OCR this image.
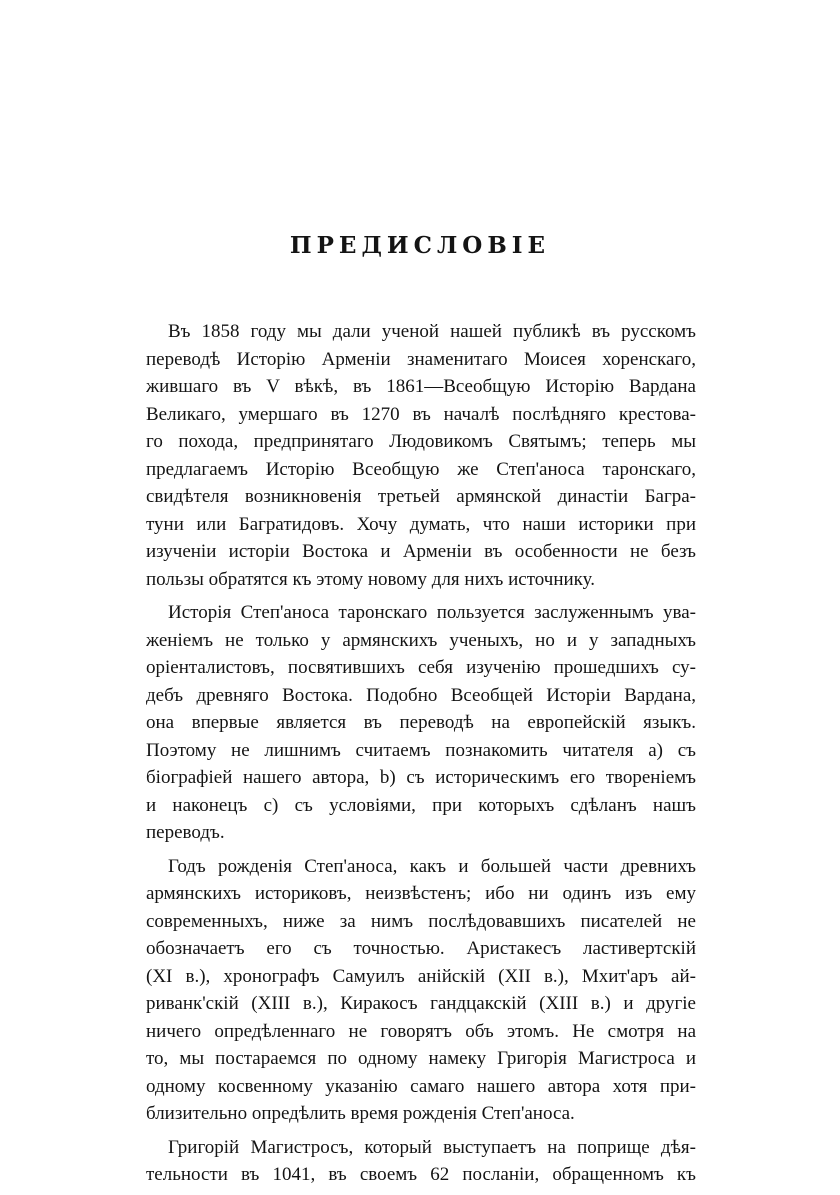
ПРЕДИСЛОВІЕ

Въ 1858 году мы дали ученой нашей публикѣ въ русскомъ
переводѣ Исторію Арменіи знаменитаго Моисея хоренскаго,
жившаго въ V вѣкѣ, въ 1861—Всеобщую Исторію Вардана
Великаго, умершаго въ 1270 въ началѣ послѣдняго крестова-
го похода, предпринятаго Людовикомъ Святымъ; теперь мы
предлагаемъ Исторію Всеобщую же Степ'аноса таронскаго,
свидѣтеля возникновенія третьей армянской династіи Багра-
туни или Багратидовъ. Хочу думать, что наши историки при
изученіи исторіи Востока и Арменіи въ особенности не безъ
пользы обратятся къ этому новому для нихъ источнику.

Исторія Степ'аноса таронскаго пользуется заслуженнымъ ува-
женіемъ не только у армянскихъ ученыхъ, но и у западныхъ
оріенталистовъ, посвятившихъ себя изученію прошедшихъ су-
дебъ древняго Востока. Подобно Всеобщей Исторіи Вардана,
она впервые является въ переводѣ на европейскій языкъ.
Поэтому не лишнимъ считаемъ познакомить читателя a) съ
біографіей нашего автора, b) съ историческимъ его твореніемъ
и наконецъ c) съ условіями, при которыхъ сдѣланъ нашъ
переводъ.

Годъ рожденія Степ'аноса, какъ и большей части древнихъ
армянскихъ историковъ, неизвѣстенъ; ибо ни одинъ изъ ему
современныхъ, ниже за нимъ послѣдовавшихъ писателей не
обозначаетъ его съ точностью. Аристакесъ ластивертскій
(XI в.), хронографъ Самуилъ анійскій (XII в.), Мхит'аръ ай-
риванк'скій (XIII в.), Киракосъ гандцакскій (XIII в.) и другіе
ничего опредѣленнаго не говорятъ объ этомъ. Не смотря на
то, мы постараемся по одному намеку Григорія Магистроса и
одному косвенному указанію самаго нашего автора хотя при-
близительно опредѣлить время рожденія Степ'аноса.

Григорій Магистросъ, который выступаетъ на поприще дѣя-
тельности въ 1041, въ своемъ 62 посланіи, обращенномъ къ
